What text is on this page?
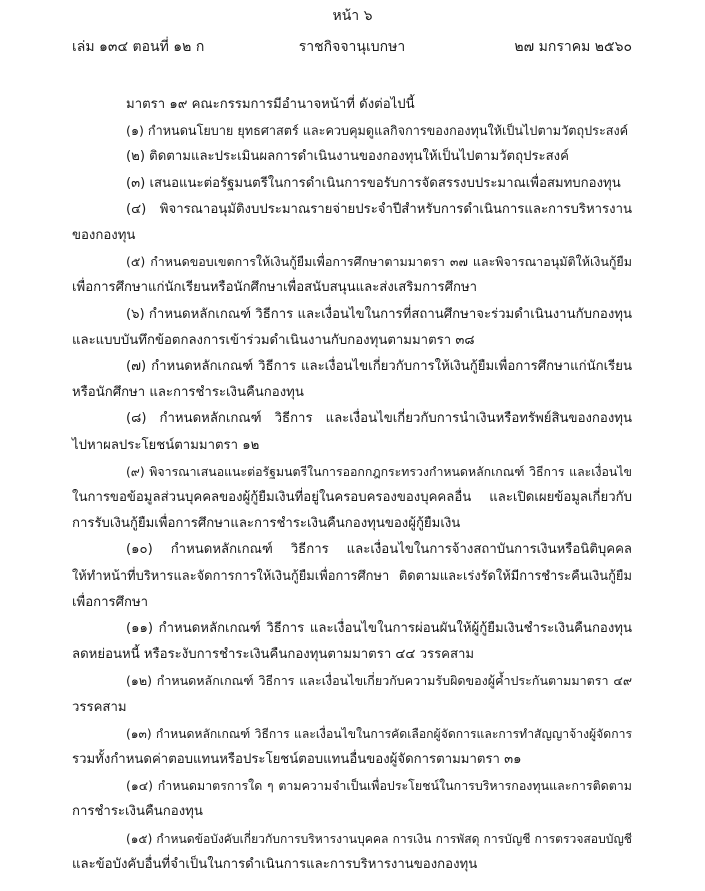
หน้า ๖
เล่ม ๑๓๔ ตอนที่ ๑๒ ก	ราชกิจจานุเบกษา	๒๗ มกราคม ๒๕๖๐
มาตรา ๑๙ คณะกรรมการมีอำนาจหน้าที่ ดังต่อไปนี้
(๑) กำหนดนโยบาย ยุทธศาสตร์ และควบคุมดูแลกิจการของกองทุนให้เป็นไปตามวัตถุประสงค์
(๒) ติดตามและประเมินผลการดำเนินงานของกองทุนให้เป็นไปตามวัตถุประสงค์
(๓) เสนอแนะต่อรัฐมนตรีในการดำเนินการขอรับการจัดสรรงบประมาณเพื่อสมทบกองทุน
(๔) พิจารณาอนุมัติงบประมาณรายจ่ายประจำปีสำหรับการดำเนินการและการบริหารงาน
ของกองทุน
(๕) กำหนดขอบเขตการให้เงินกู้ยืมเพื่อการศึกษาตามมาตรา ๓๗ และพิจารณาอนุมัติให้เงินกู้ยืม
เพื่อการศึกษาแก่นักเรียนหรือนักศึกษาเพื่อสนับสนุนและส่งเสริมการศึกษา
(๖) กำหนดหลักเกณฑ์ วิธีการ และเงื่อนไขในการที่สถานศึกษาจะร่วมดำเนินงานกับกองทุน
และแบบบันทึกข้อตกลงการเข้าร่วมดำเนินงานกับกองทุนตามมาตรา ๓๘
(๗) กำหนดหลักเกณฑ์ วิธีการ และเงื่อนไขเกี่ยวกับการให้เงินกู้ยืมเพื่อการศึกษาแก่นักเรียน
หรือนักศึกษา และการชำระเงินคืนกองทุน
(๘) กำหนดหลักเกณฑ์ วิธีการ และเงื่อนไขเกี่ยวกับการนำเงินหรือทรัพย์สินของกองทุน
ไปหาผลประโยชน์ตามมาตรา ๑๒
(๙) พิจารณาเสนอแนะต่อรัฐมนตรีในการออกกฎกระทรวงกำหนดหลักเกณฑ์ วิธีการ และเงื่อนไข
ในการขอข้อมูลส่วนบุคคลของผู้กู้ยืมเงินที่อยู่ในครอบครองของบุคคลอื่น และเปิดเผยข้อมูลเกี่ยวกับ
การรับเงินกู้ยืมเพื่อการศึกษาและการชำระเงินคืนกองทุนของผู้กู้ยืมเงิน
(๑๐) กำหนดหลักเกณฑ์ วิธีการ และเงื่อนไขในการจ้างสถาบันการเงินหรือนิติบุคคล
ให้ทำหน้าที่บริหารและจัดการการให้เงินกู้ยืมเพื่อการศึกษา ติดตามและเร่งรัดให้มีการชำระคืนเงินกู้ยืม
เพื่อการศึกษา
(๑๑) กำหนดหลักเกณฑ์ วิธีการ และเงื่อนไขในการผ่อนผันให้ผู้กู้ยืมเงินชำระเงินคืนกองทุน
ลดหย่อนหนี้ หรือระงับการชำระเงินคืนกองทุนตามมาตรา ๔๔ วรรคสาม
(๑๒) กำหนดหลักเกณฑ์ วิธีการ และเงื่อนไขเกี่ยวกับความรับผิดของผู้ค้ำประกันตามมาตรา ๔๙
วรรคสาม
(๑๓) กำหนดหลักเกณฑ์ วิธีการ และเงื่อนไขในการคัดเลือกผู้จัดการและการทำสัญญาจ้างผู้จัดการ
รวมทั้งกำหนดค่าตอบแทนหรือประโยชน์ตอบแทนอื่นของผู้จัดการตามมาตรา ๓๑
(๑๔) กำหนดมาตรการใด ๆ ตามความจำเป็นเพื่อประโยชน์ในการบริหารกองทุนและการติดตาม
การชำระเงินคืนกองทุน
(๑๕) กำหนดข้อบังคับเกี่ยวกับการบริหารงานบุคคล การเงิน การพัสดุ การบัญชี การตรวจสอบบัญชี
และข้อบังคับอื่นที่จำเป็นในการดำเนินการและการบริหารงานของกองทุน
